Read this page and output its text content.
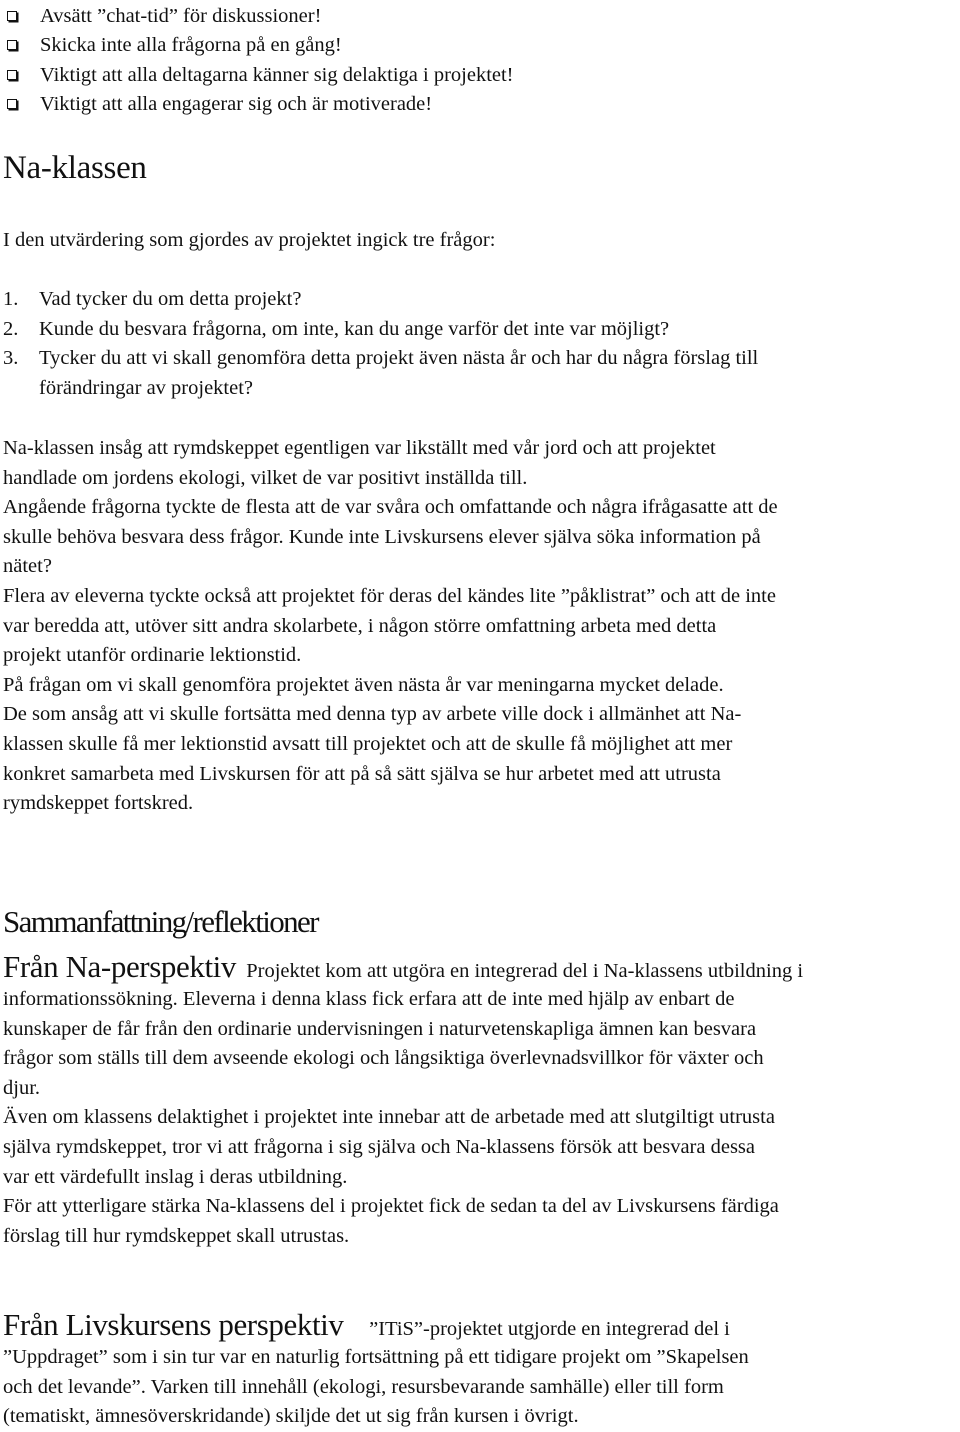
Avsätt ”chat-tid” för diskussioner!
Skicka inte alla frågorna på en gång!
Viktigt att alla deltagarna känner sig delaktiga i projektet!
Viktigt att alla engagerar sig och är motiverade!
Na-klassen
I den utvärdering som gjordes av projektet ingick tre frågor:
1. Vad tycker du om detta projekt?
2. Kunde du besvara frågorna, om inte, kan du ange varför det inte var möjligt?
3. Tycker du att vi skall genomföra detta projekt även nästa år och har du några förslag till
förändringar av projektet?
Na-klassen insåg att rymdskeppet egentligen var likställt med vår jord och att projektet
handlade om jordens ekologi, vilket de var positivt inställda till.
Angående frågorna tyckte de flesta att de var svåra och omfattande och några ifrågasatte att de
skulle behöva besvara dess frågor. Kunde inte Livskursens elever själva söka information på
nätet?
Flera av eleverna tyckte också att projektet för deras del kändes lite ”påklistrat” och att de inte
var beredda att, utöver sitt andra skolarbete, i någon större omfattning arbeta med detta
projekt utanför ordinarie lektionstid.
På frågan om vi skall genomföra projektet även nästa år var meningarna mycket delade.
De som ansåg att vi skulle fortsätta med denna typ av arbete ville dock i allmänhet att Na-
klassen skulle få mer lektionstid avsatt till projektet och att de skulle få möjlighet att mer
konkret samarbeta med Livskursen för att på så sätt själva se hur arbetet med att utrusta
rymdskeppet fortskred.
Sammanfattning/reflektioner
Från Na-perspektiv Projektet kom att utgöra en integrerad del i Na-klassens utbildning i
informationssökning. Eleverna i denna klass fick erfara att de inte med hjälp av enbart de
kunskaper de får från den ordinarie undervisningen i naturvetenskapliga ämnen kan besvara
frågor som ställs till dem avseende ekologi och långsiktiga överlevnadsvillkor för växter och
djur.
Även om klassens delaktighet i projektet inte innebar att de arbetade med att slutgiltigt utrusta
själva rymdskeppet, tror vi att frågorna i sig själva och Na-klassens försök att besvara dessa
var ett värdefullt inslag i deras utbildning.
För att ytterligare stärka Na-klassens del i projektet fick de sedan ta del av Livskursens färdiga
förslag till hur rymdskeppet skall utrustas.
Från Livskursens perspektiv ”ITiS”-projektet utgjorde en integrerad del i
”Uppdraget” som i sin tur var en naturlig fortsättning på ett tidigare projekt om ”Skapelsen
och det levande”. Varken till innehåll (ekologi, resursbevarande samhälle) eller till form
(tematiskt, ämnesöverskridande) skiljde det ut sig från kursen i övrigt.
